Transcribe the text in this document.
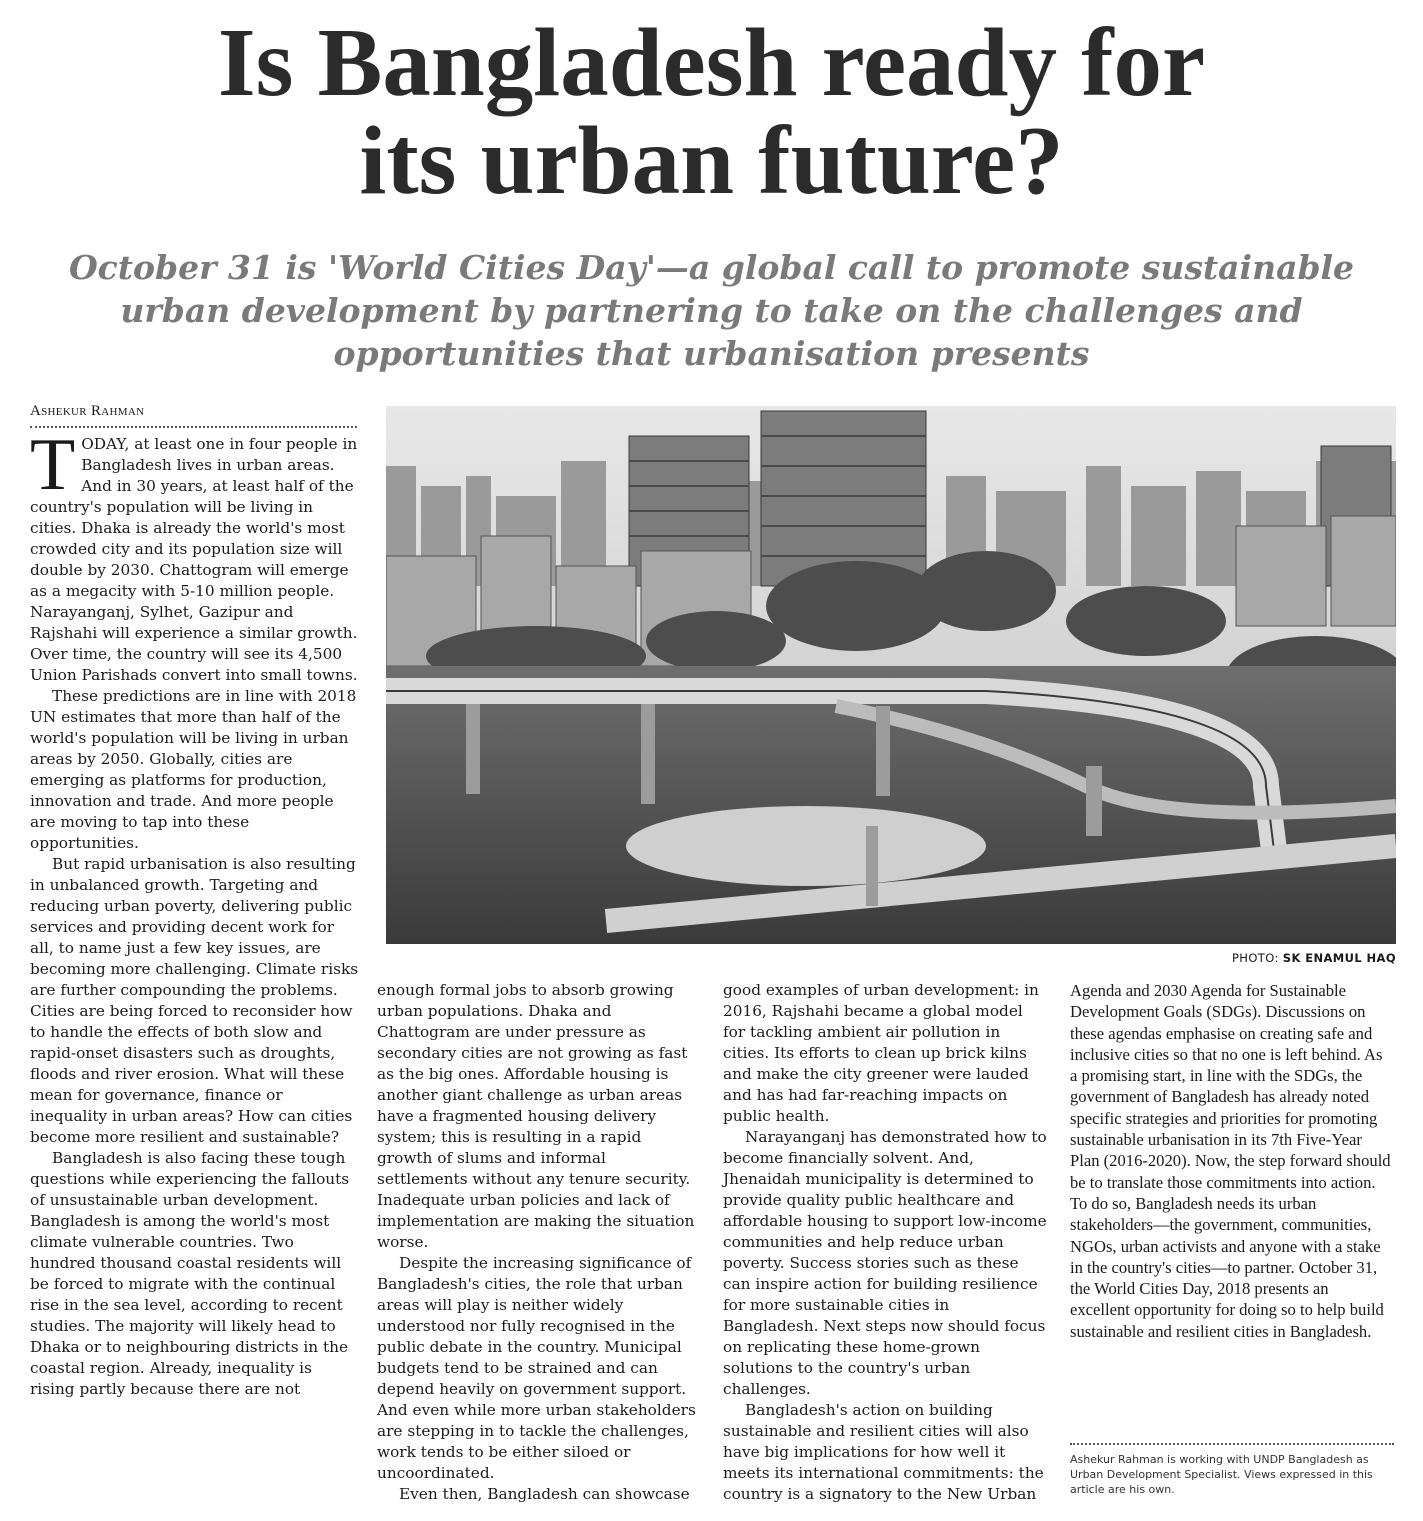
Is Bangladesh ready for
its urban future?
October 31 is 'World Cities Day'—a global call to promote sustainable urban development by partnering to take on the challenges and opportunities that urbanisation presents
Ashekur Rahman

TODAY, at least one in four people in Bangladesh lives in urban areas. And in 30 years, at least half of the country's population will be living in cities. Dhaka is already the world's most crowded city and its population size will double by 2030. Chattogram will emerge as a megacity with 5-10 million people. Narayanganj, Sylhet, Gazipur and Rajshahi will experience a similar growth. Over time, the country will see its 4,500 Union Parishads convert into small towns.

These predictions are in line with 2018 UN estimates that more than half of the world's population will be living in urban areas by 2050. Globally, cities are emerging as platforms for production, innovation and trade. And more people are moving to tap into these opportunities.

But rapid urbanisation is also resulting in unbalanced growth. Targeting and reducing urban poverty, delivering public services and providing decent work for all, to name just a few key issues, are becoming more challenging. Climate risks are further compounding the problems. Cities are being forced to reconsider how to handle the effects of both slow and rapid-onset disasters such as droughts, floods and river erosion. What will these mean for governance, finance or inequality in urban areas? How can cities become more resilient and sustainable?

Bangladesh is also facing these tough questions while experiencing the fallouts of unsustainable urban development. Bangladesh is among the world's most climate vulnerable countries. Two hundred thousand coastal residents will be forced to migrate with the continual rise in the sea level, according to recent studies. The majority will likely head to Dhaka or to neighbouring districts in the coastal region. Already, inequality is rising partly because there are not

PHOTO: SK ENAMUL HAQ

enough formal jobs to absorb growing urban populations. Dhaka and Chattogram are under pressure as secondary cities are not growing as fast as the big ones. Affordable housing is another giant challenge as urban areas have a fragmented housing delivery system; this is resulting in a rapid growth of slums and informal settlements without any tenure security. Inadequate urban policies and lack of implementation are making the situation worse.

Despite the increasing significance of Bangladesh's cities, the role that urban areas will play is neither widely understood nor fully recognised in the public debate in the country. Municipal budgets tend to be strained and can depend heavily on government support. And even while more urban stakeholders are stepping in to tackle the challenges, work tends to be either siloed or uncoordinated.

Even then, Bangladesh can showcase

good examples of urban development: in 2016, Rajshahi became a global model for tackling ambient air pollution in cities. Its efforts to clean up brick kilns and make the city greener were lauded and has had far-reaching impacts on public health.

Narayanganj has demonstrated how to become financially solvent. And, Jhenaidah municipality is determined to provide quality public healthcare and affordable housing to support low-income communities and help reduce urban poverty. Success stories such as these can inspire action for building resilience for more sustainable cities in Bangladesh. Next steps now should focus on replicating these home-grown solutions to the country's urban challenges.

Bangladesh's action on building sustainable and resilient cities will also have big implications for how well it meets its international commitments: the country is a signatory to the New Urban

Agenda and 2030 Agenda for Sustainable Development Goals (SDGs). Discussions on these agendas emphasise on creating safe and inclusive cities so that no one is left behind. As a promising start, in line with the SDGs, the government of Bangladesh has already noted specific strategies and priorities for promoting sustainable urbanisation in its 7th Five-Year Plan (2016-2020). Now, the step forward should be to translate those commitments into action. To do so, Bangladesh needs its urban stakeholders—the government, communities, NGOs, urban activists and anyone with a stake in the country's cities—to partner. October 31, the World Cities Day, 2018 presents an excellent opportunity for doing so to help build sustainable and resilient cities in Bangladesh.

Ashekur Rahman is working with UNDP Bangladesh as Urban Development Specialist. Views expressed in this article are his own.
